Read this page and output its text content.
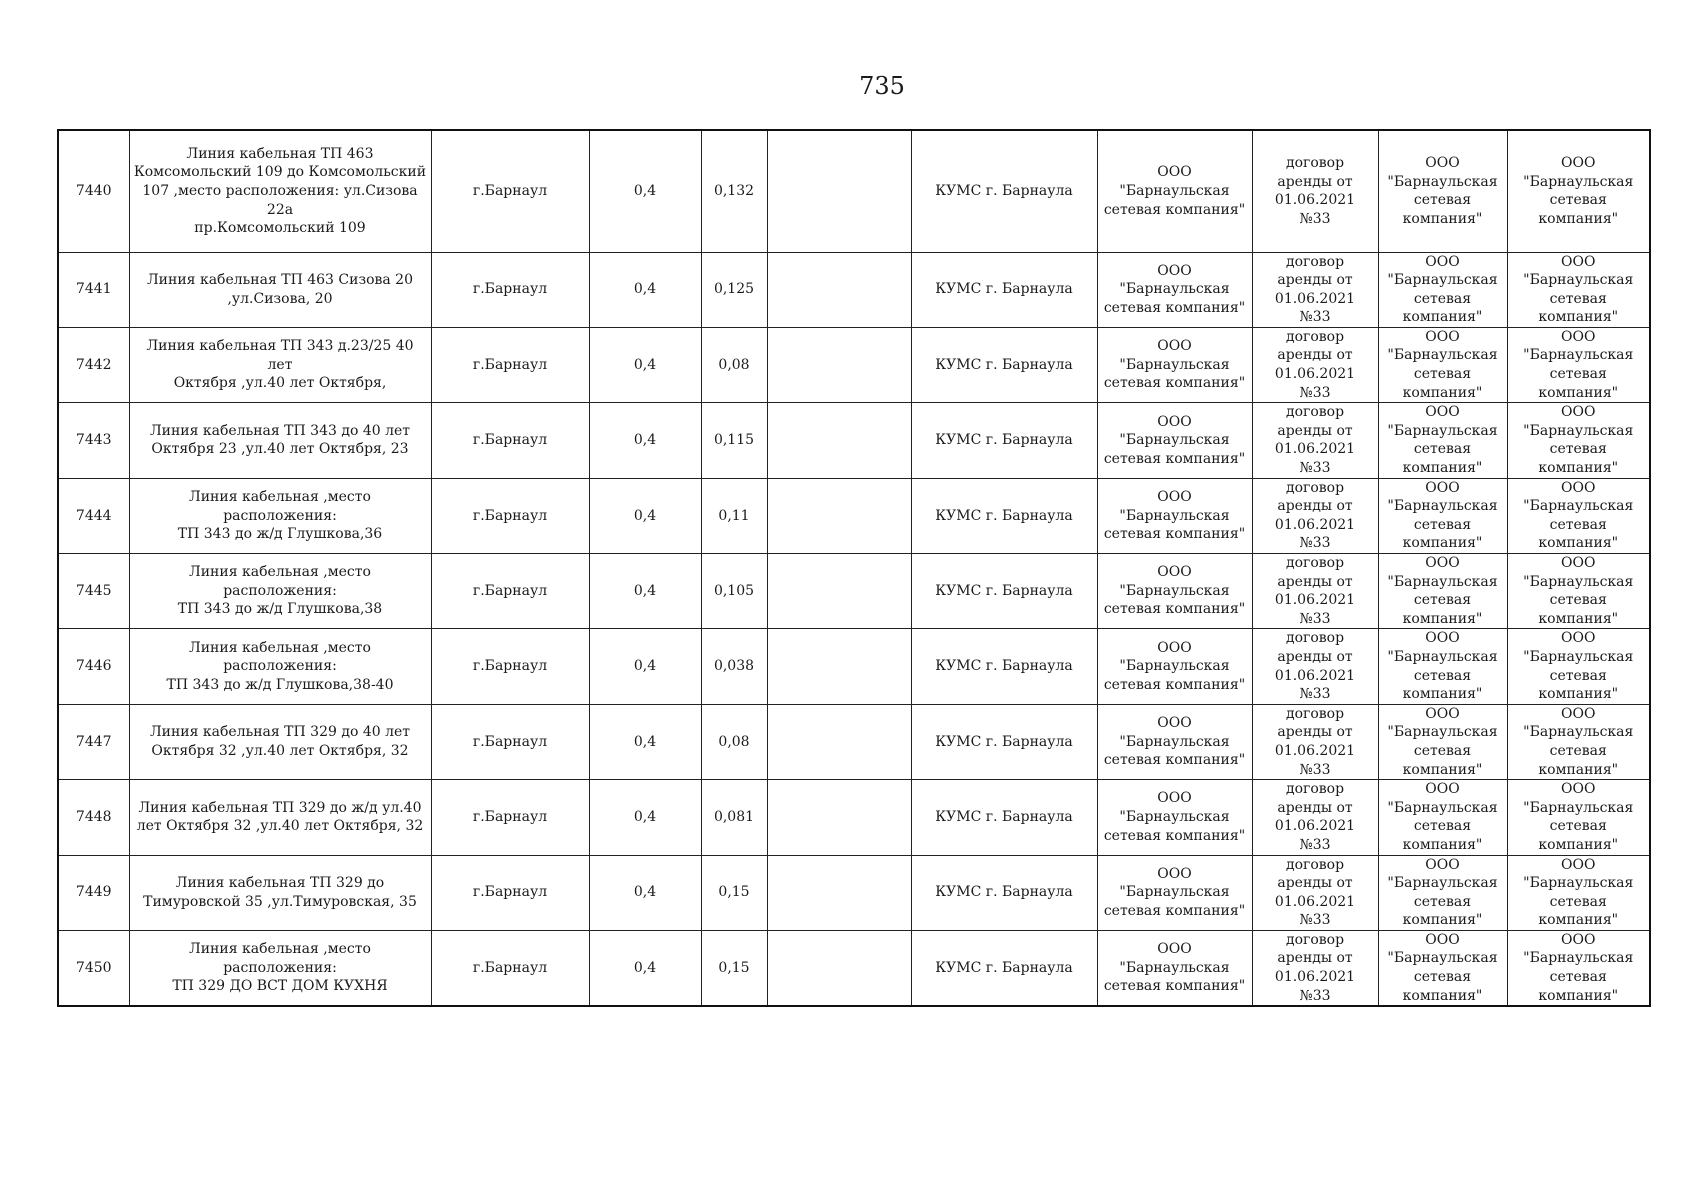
735
7440	Линия кабельная ТП 463
Комсомольский 109 до Комсомольский
107 ,место расположения: ул.Сизова 22а
пр.Комсомольский 109	г.Барнаул	0,4	0,132		КУМС г. Барнаула	ООО
"Барнаульская
сетевая компания"	договор
аренды от
01.06.2021
№33	ООО
"Барнаульская
сетевая
компания"	ООО
"Барнаульская
сетевая
компания"

7441	Линия кабельная ТП 463 Сизова 20
,ул.Сизова, 20	г.Барнаул	0,4	0,125		КУМС г. Барнаула	ООО
"Барнаульская
сетевая компания"	договор
аренды от
01.06.2021
№33	ООО
"Барнаульская
сетевая
компания"	ООО
"Барнаульская
сетевая
компания"

7442	Линия кабельная ТП 343 д.23/25 40 лет
Октября ,ул.40 лет Октября,	г.Барнаул	0,4	0,08		КУМС г. Барнаула	ООО
"Барнаульская
сетевая компания"	договор
аренды от
01.06.2021
№33	ООО
"Барнаульская
сетевая
компания"	ООО
"Барнаульская
сетевая
компания"

7443	Линия кабельная ТП 343 до 40 лет
Октября 23 ,ул.40 лет Октября, 23	г.Барнаул	0,4	0,115		КУМС г. Барнаула	ООО
"Барнаульская
сетевая компания"	договор
аренды от
01.06.2021
№33	ООО
"Барнаульская
сетевая
компания"	ООО
"Барнаульская
сетевая
компания"

7444	Линия кабельная ,место расположения:
ТП 343 до ж/д Глушкова,36	г.Барнаул	0,4	0,11		КУМС г. Барнаула	ООО
"Барнаульская
сетевая компания"	договор
аренды от
01.06.2021
№33	ООО
"Барнаульская
сетевая
компания"	ООО
"Барнаульская
сетевая
компания"

7445	Линия кабельная ,место расположения:
ТП 343 до ж/д Глушкова,38	г.Барнаул	0,4	0,105		КУМС г. Барнаула	ООО
"Барнаульская
сетевая компания"	договор
аренды от
01.06.2021
№33	ООО
"Барнаульская
сетевая
компания"	ООО
"Барнаульская
сетевая
компания"

7446	Линия кабельная ,место расположения:
ТП 343 до ж/д Глушкова,38-40	г.Барнаул	0,4	0,038		КУМС г. Барнаула	ООО
"Барнаульская
сетевая компания"	договор
аренды от
01.06.2021
№33	ООО
"Барнаульская
сетевая
компания"	ООО
"Барнаульская
сетевая
компания"

7447	Линия кабельная ТП 329 до 40 лет
Октября 32 ,ул.40 лет Октября, 32	г.Барнаул	0,4	0,08		КУМС г. Барнаула	ООО
"Барнаульская
сетевая компания"	договор
аренды от
01.06.2021
№33	ООО
"Барнаульская
сетевая
компания"	ООО
"Барнаульская
сетевая
компания"

7448	Линия кабельная ТП 329 до ж/д ул.40
лет Октября 32 ,ул.40 лет Октября, 32	г.Барнаул	0,4	0,081		КУМС г. Барнаула	ООО
"Барнаульская
сетевая компания"	договор
аренды от
01.06.2021
№33	ООО
"Барнаульская
сетевая
компания"	ООО
"Барнаульская
сетевая
компания"

7449	Линия кабельная ТП 329 до
Тимуровской 35 ,ул.Тимуровская, 35	г.Барнаул	0,4	0,15		КУМС г. Барнаула	ООО
"Барнаульская
сетевая компания"	договор
аренды от
01.06.2021
№33	ООО
"Барнаульская
сетевая
компания"	ООО
"Барнаульская
сетевая
компания"

7450	Линия кабельная ,место расположения:
ТП 329 ДО ВСТ ДОМ КУХНЯ	г.Барнаул	0,4	0,15		КУМС г. Барнаула	ООО
"Барнаульская
сетевая компания"	договор
аренды от
01.06.2021
№33	ООО
"Барнаульская
сетевая
компания"	ООО
"Барнаульская
сетевая
компания"
